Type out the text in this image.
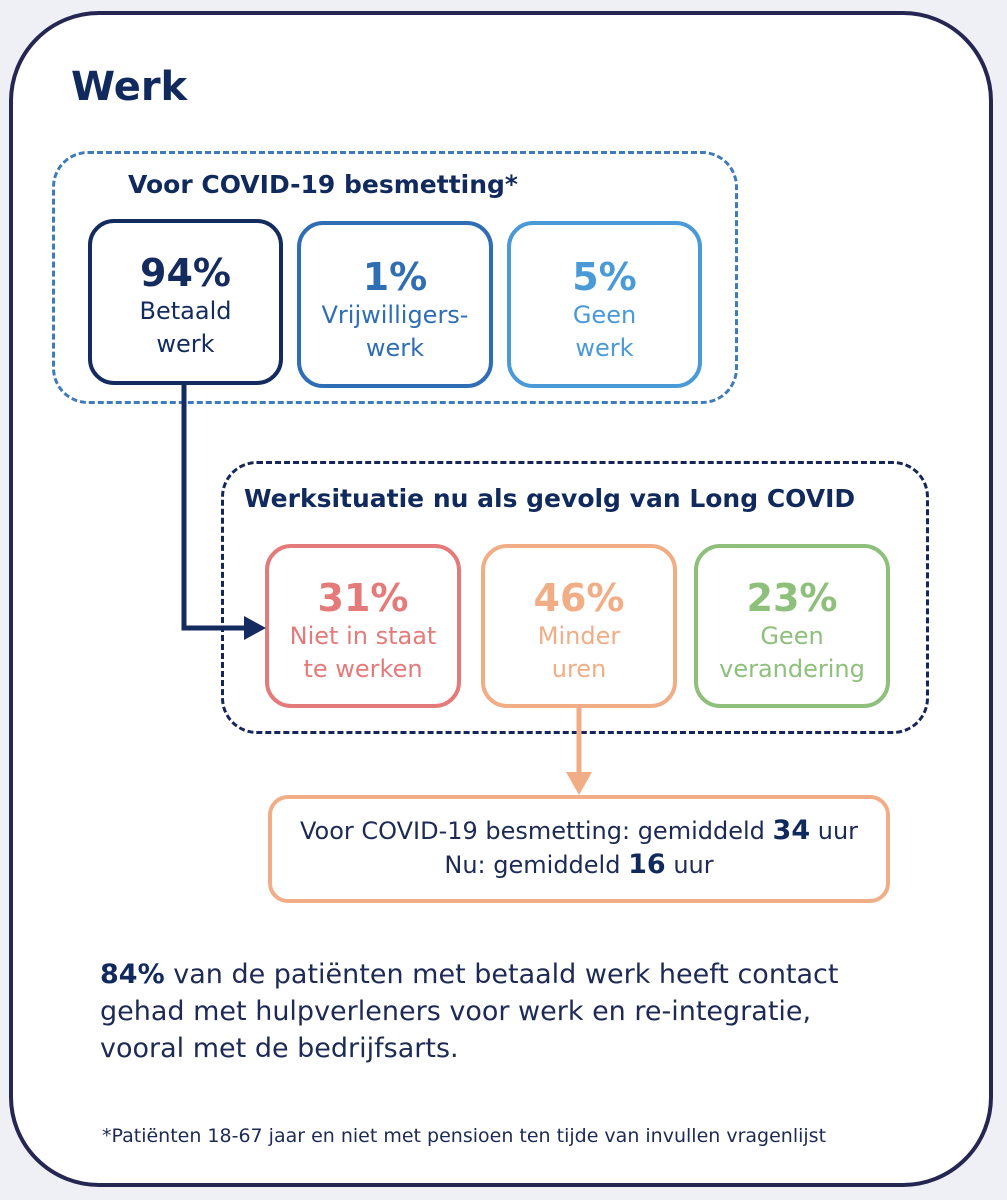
Werk
Voor COVID-19 besmetting*
94%
Betaald
werk
1%
Vrijwilligers-
werk
5%
Geen
werk
Werksituatie nu als gevolg van Long COVID
31%
Niet in staat
te werken
46%
Minder
uren
23%
Geen
verandering
Voor COVID-19 besmetting: gemiddeld 34 uur
Nu: gemiddeld 16 uur
84% van de patiënten met betaald werk heeft contact gehad met hulpverleners voor werk en re-integratie, vooral met de bedrijfsarts.
*Patiënten 18-67 jaar en niet met pensioen ten tijde van invullen vragenlijst
